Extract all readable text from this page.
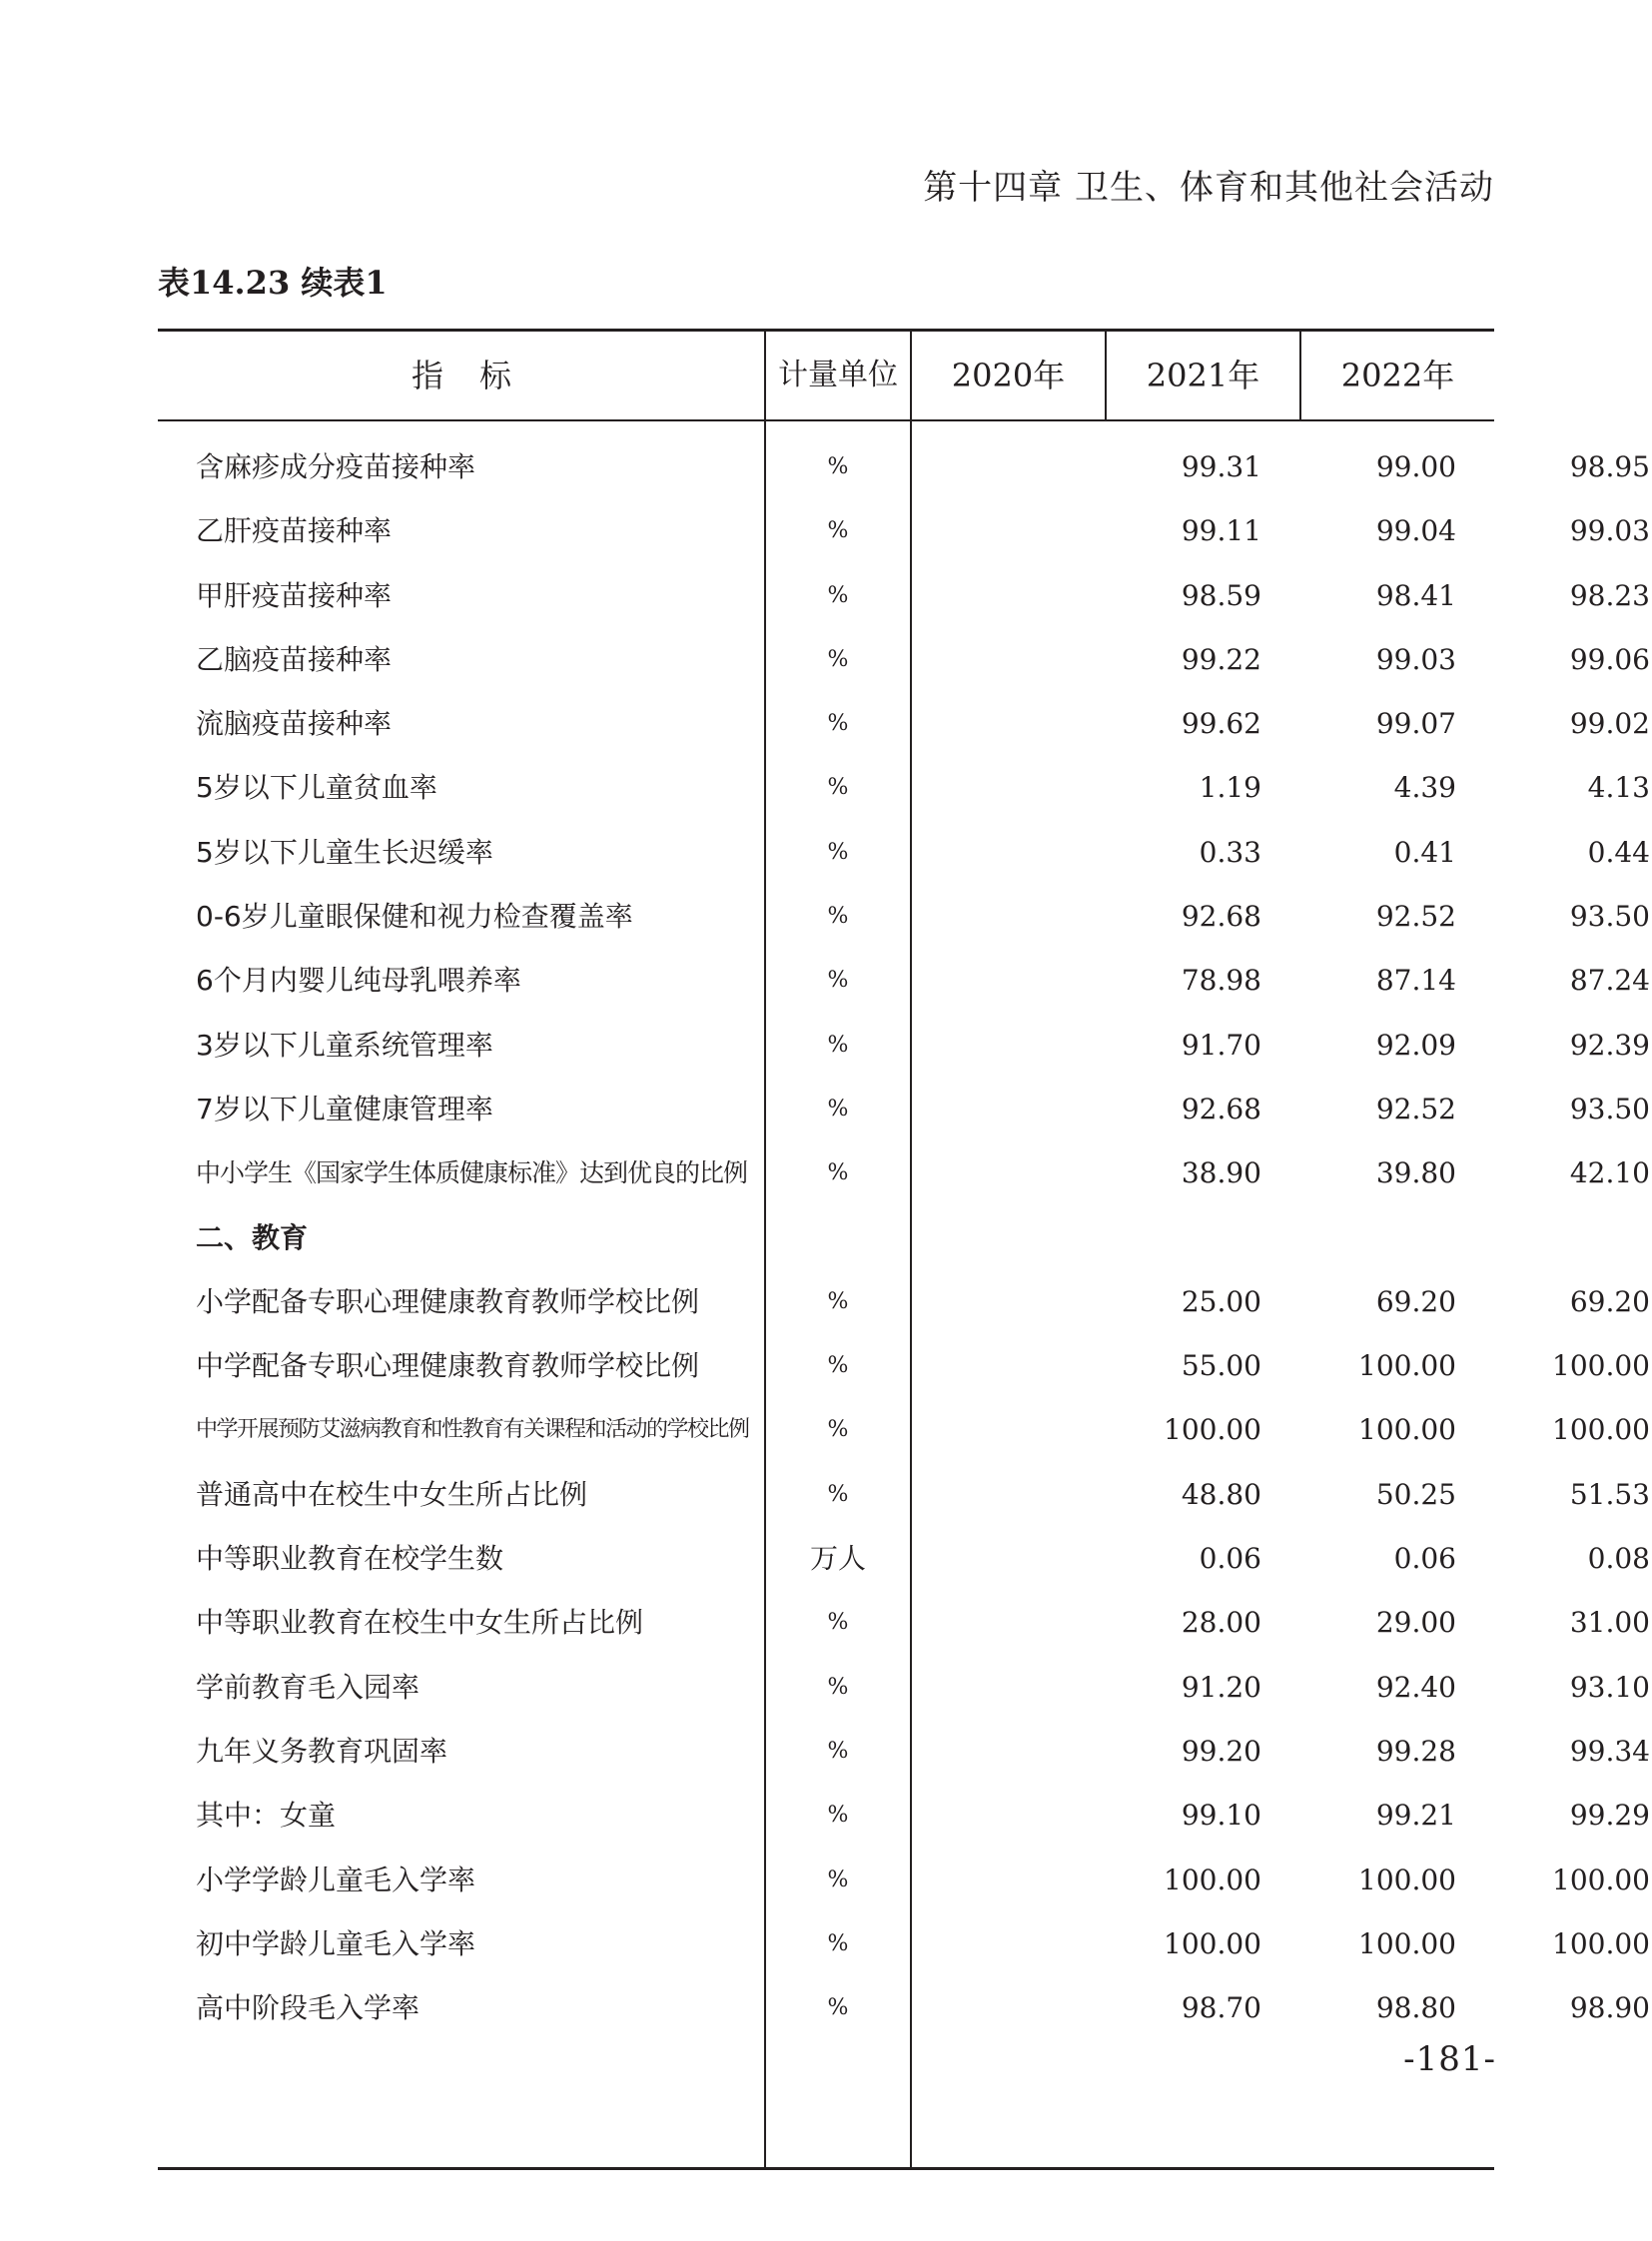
第十四章 卫生、体育和其他社会活动
表14.23 续表1
指标	计量单位	2020年	2021年	2022年
含麻疹成分疫苗接种率	%	99.31	99.00	98.95
乙肝疫苗接种率	%	99.11	99.04	99.03
甲肝疫苗接种率	%	98.59	98.41	98.23
乙脑疫苗接种率	%	99.22	99.03	99.06
流脑疫苗接种率	%	99.62	99.07	99.02
5岁以下儿童贫血率	%	1.19	4.39	4.13
5岁以下儿童生长迟缓率	%	0.33	0.41	0.44
0-6岁儿童眼保健和视力检查覆盖率	%	92.68	92.52	93.50
6个月内婴儿纯母乳喂养率	%	78.98	87.14	87.24
3岁以下儿童系统管理率	%	91.70	92.09	92.39
7岁以下儿童健康管理率	%	92.68	92.52	93.50
中小学生《国家学生体质健康标准》达到优良的比例	%	38.90	39.80	42.10
二、教育
小学配备专职心理健康教育教师学校比例	%	25.00	69.20	69.20
中学配备专职心理健康教育教师学校比例	%	55.00	100.00	100.00
中学开展预防艾滋病教育和性教育有关课程和活动的学校比例	%	100.00	100.00	100.00
普通高中在校生中女生所占比例	%	48.80	50.25	51.53
中等职业教育在校学生数	万人	0.06	0.06	0.08
中等职业教育在校生中女生所占比例	%	28.00	29.00	31.00
学前教育毛入园率	%	91.20	92.40	93.10
九年义务教育巩固率	%	99.20	99.28	99.34
其中：女童	%	99.10	99.21	99.29
小学学龄儿童毛入学率	%	100.00	100.00	100.00
初中学龄儿童毛入学率	%	100.00	100.00	100.00
高中阶段毛入学率	%	98.70	98.80	98.90
-181-
